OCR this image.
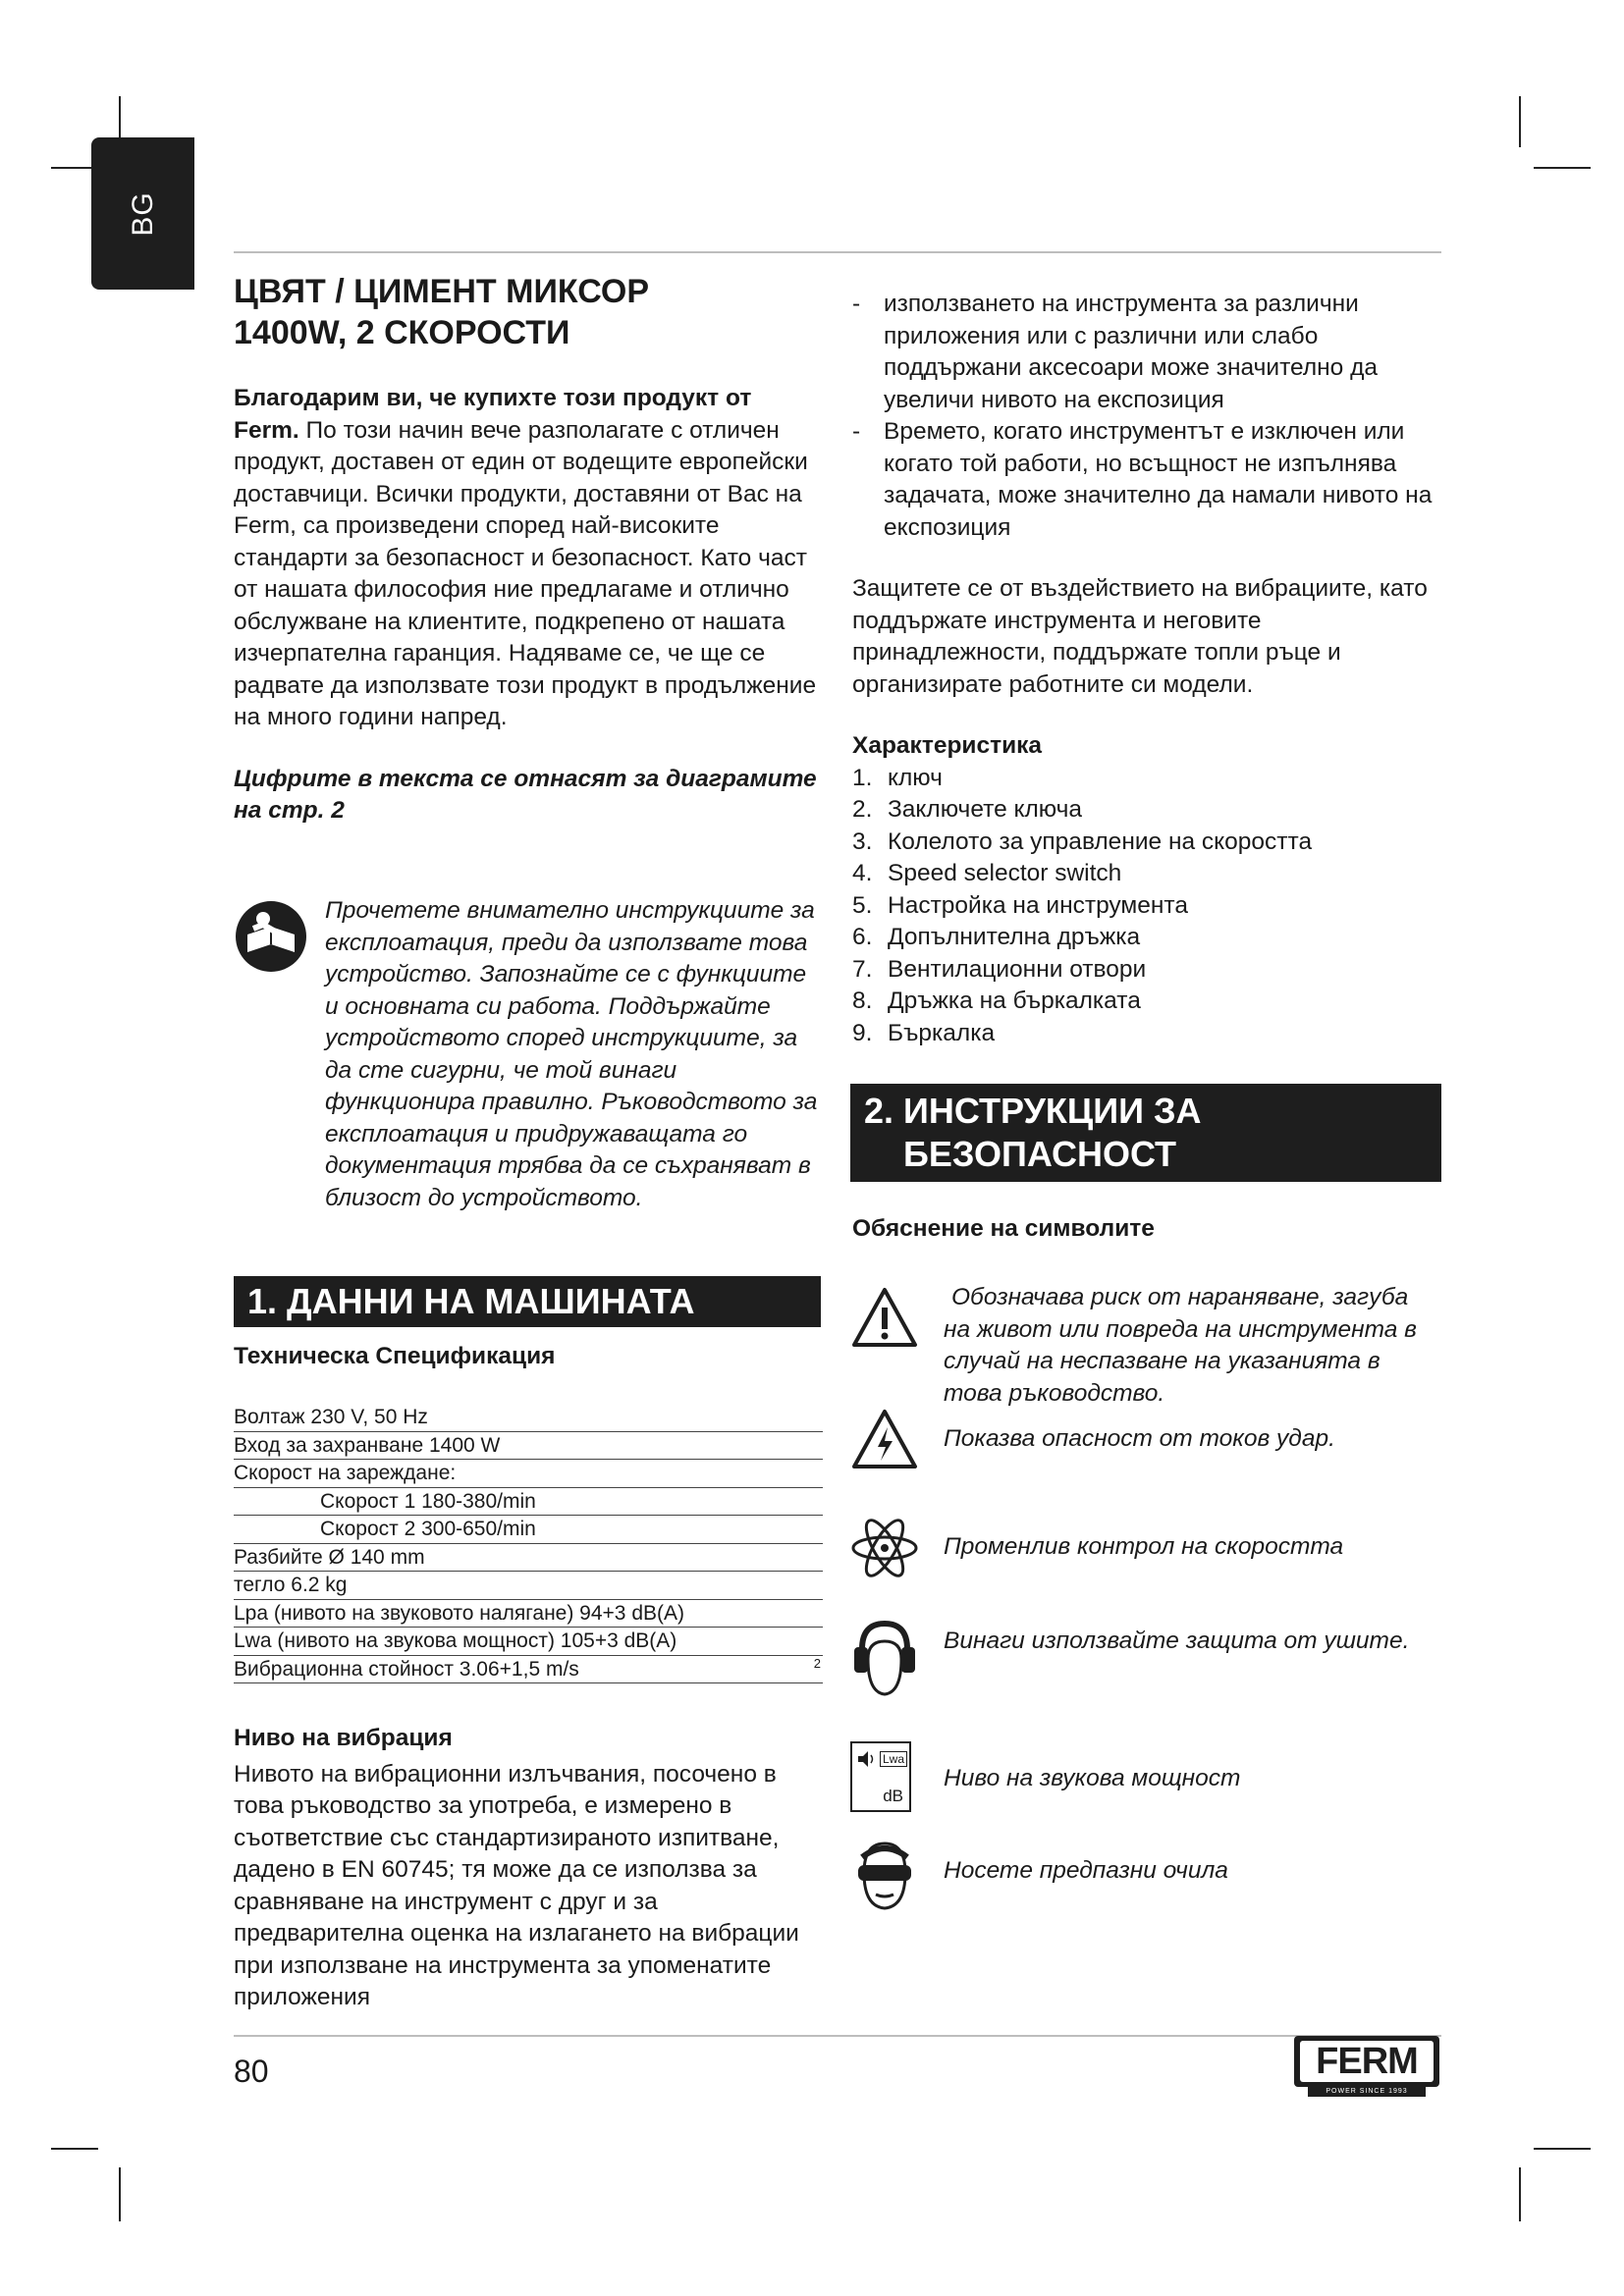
BG
ЦВЯТ / ЦИМЕНТ МИКСОР
1400W, 2 СКОРОСТИ

Благодарим ви, че купихте този продукт от Ferm. По този начин вече разполагате с отличен продукт, доставен от един от водещите европейски доставчици. Всички продукти, доставяни от Вас на Ferm, са произведени според най-високите стандарти за безопасност и безопасност. Като част от нашата философия ние предлагаме и отлично обслужване на клиентите, подкрепено от нашата изчерпателна гаранция. Надяваме се, че ще се радвате да използвате този продукт в продължение на много години напред.

Цифрите в текста се отнасят за диаграмите на стр. 2

Прочетете внимателно инструкциите за експлоатация, преди да използвате това устройство. Запознайте се с функциите и основната си работа. Поддържайте устройството според инструкциите, за да сте сигурни, че той винаги функционира правилно. Ръководството за експлоатация и придружаващата го документация трябва да се съхраняват в близост до устройството.

1. ДАННИ НА МАШИНАТА
Техническа Спецификация
Волтаж 230 V, 50 Hz
Вход за захранване 1400 W
Скорост на зареждане:
Скорост 1 180-380/min
Скорост 2 300-650/min
Разбийте Ø 140 mm
тегло 6.2 kg
Lpa (нивото на звуковото налягане) 94+3 dB(A)
Lwa (нивото на звукова мощност) 105+3 dB(A)
Вибрационна стойност 3.06+1,5 m/s	2

Ниво на вибрация

Нивото на вибрационни излъчвания, посочено в това ръководство за употреба, е измерено в съответствие със стандартизираното изпитване, дадено в EN 60745; тя може да се използва за сравняване на инструмент с друг и за предварителна оценка на излагането на вибрации при използване на инструмента за упоменатите приложения

80
- използването на инструмента за различни приложения или с различни или слабо поддържани аксесоари може значително да увеличи нивото на експозиция
- Времето, когато инструментът е изключен или когато той работи, но всъщност не изпълнява задачата, може значително да намали нивото на експозиция

Защитете се от въздействието на вибрациите, като поддържате инструмента и неговите принадлежности, поддържате топли ръце и организирате работните си модели.

Характеристика

1. ключ
2. Заключете ключа
3. Колелото за управление на скоростта
4. Speed selector switch
5. Настройка на инструмента
6. Допълнителна дръжка
7. Вентилационни отвори
8. Дръжка на бъркалката
9. Бъркалка
2. ИНСТРУКЦИИ ЗА
БЕЗОПАСНОСТ
Обяснение на символите

Обозначава риск от нараняване, загуба на живот или повреда на инструмента в случай на неспазване на указанията в това ръководство.

Показва опасност от токов удар.

Променлив контрол на скоростта

Винаги използвайте защита от ушите.

Lwa
dB

Ниво на звукова мощност

Носете предпазни очила

FERM
POWER SINCE 1993
